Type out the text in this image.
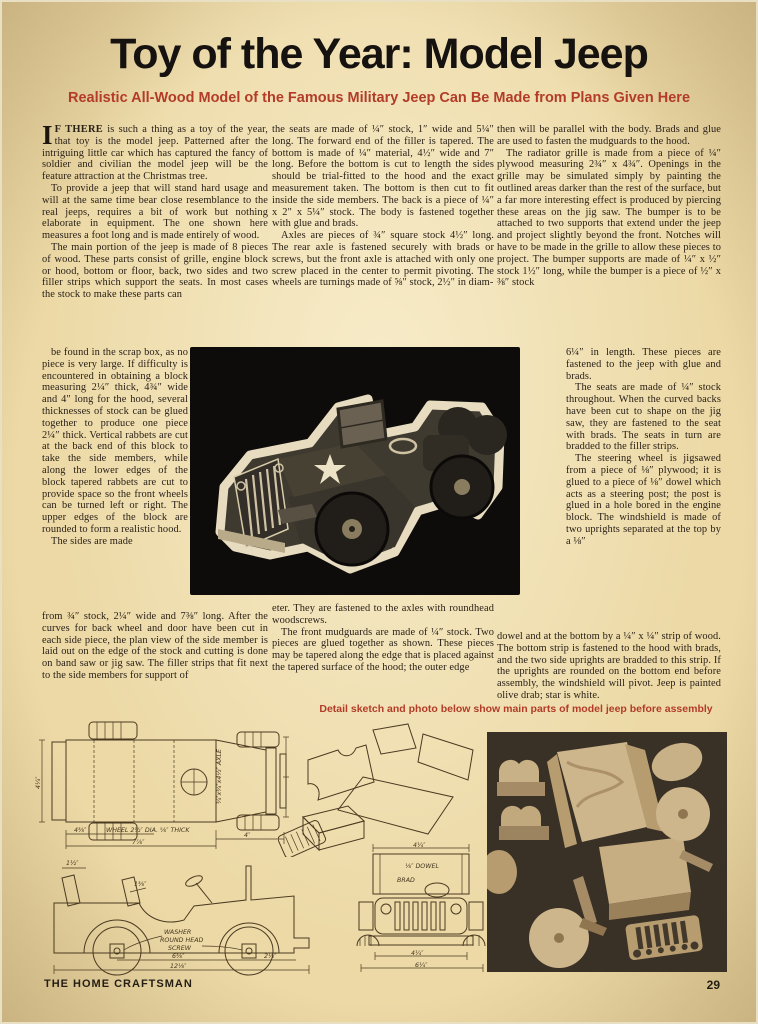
Toy of the Year: Model Jeep
Realistic All-Wood Model of the Famous Military Jeep Can Be Made from Plans Given Here

I F THERE is such a thing as a toy of the year, that toy is the model jeep. Patterned after the intriguing little car which has captured the fancy of soldier and civilian the model jeep will be the feature attraction at the Christmas tree.

To provide a jeep that will stand hard usage and will at the same time bear close resemblance to the real jeeps, requires a bit of work but nothing elaborate in equipment. The one shown here measures a foot long and is made entirely of wood.

The main portion of the jeep is made of 8 pieces of wood. These parts consist of grille, engine block or hood, bottom or floor, back, two sides and two filler strips which support the seats. In most cases the stock to make these parts can

be found in the scrap box, as no piece is very large. If difficulty is encountered in obtaining a block measuring 2¼″ thick, 4¾″ wide and 4″ long for the hood, several thicknesses of stock can be glued together to produce one piece 2¼″ thick. Vertical rabbets are cut at the back end of this block to take the side members, while along the lower edges of the block tapered rabbets are cut to provide space so the front wheels can be turned left or right. The upper edges of the block are rounded to form a realistic hood.

The sides are made

from ¾″ stock, 2¼″ wide and 7⅜″ long. After the curves for back wheel and door have been cut in each side piece, the plan view of the side member is laid out on the edge of the stock and cutting is done on band saw or jig saw. The filler strips that fit next to the side members for support of

the seats are made of ¼″ stock, 1″ wide and 5¼″ long. The forward end of the filler is tapered. The bottom is made of ¼″ material, 4½″ wide and 7″ long. Before the bottom is cut to length the sides should be trial-fitted to the hood and the exact measurement taken. The bottom is then cut to fit inside the side members. The back is a piece of ¼″ x 2″ x 5¼″ stock. The body is fastened together with glue and brads.

Axles are pieces of ¾″ square stock 4½″ long. The rear axle is fastened securely with brads or screws, but the front axle is attached with only one screw placed in the center to permit pivoting. The wheels are turnings made of ⅝″ stock, 2½″ in diam-

eter. They are fastened to the axles with roundhead woodscrews.

The front mudguards are made of ¼″ stock. Two pieces are glued together as shown. These pieces may be tapered along the edge that is placed against the tapered surface of the hood; the outer edge

then will be parallel with the body. Brads and glue are used to fasten the mudguards to the hood.

The radiator grille is made from a piece of ¼″ plywood measuring 2¾″ x 4¾″. Openings in the grille may be simulated simply by painting the outlined areas darker than the rest of the surface, but a far more interesting effect is produced by piercing these areas on the jig saw. The bumper is to be attached to two supports that extend under the jeep and project slightly beyond the front. Notches will have to be made in the grille to allow these pieces to project. The bumper supports are made of ¼″ x ½″ stock 1½″ long, while the bumper is a piece of ½″ x ⅜″ stock

6¼″ in length. These pieces are fastened to the jeep with glue and brads.

The seats are made of ¼″ stock throughout. When the curved backs have been cut to shape on the jig saw, they are fastened to the seat with brads. The seats in turn are bradded to the filler strips.

The steering wheel is jigsawed from a piece of ⅛″ plywood; it is glued to a piece of ⅛″ dowel which acts as a steering post; the post is glued in a hole bored in the engine block. The windshield is made of two uprights separated at the top by a ⅛″

dowel and at the bottom by a ¼″ x ¼″ strip of wood. The bottom strip is fastened to the hood with brads, and the two side uprights are bradded to this strip. If the uprights are rounded on the bottom end before assembly, the windshield will pivot. Jeep is painted olive drab; star is white.

Detail sketch and photo below show main parts of model jeep before assembly
4¼″
4⅜″
7⅞″
4″
WHEEL 2½″ DIA. ⅝″ THICK
¾″x¾″x4½″ AXLE
1½″
1⅜″
WASHER
ROUND HEAD
SCREW
6⅜″	2½″
12⅛″
4¼″
⅛″ DOWEL
BRAD
4¼″
6¼″
THE HOME CRAFTSMAN	29
